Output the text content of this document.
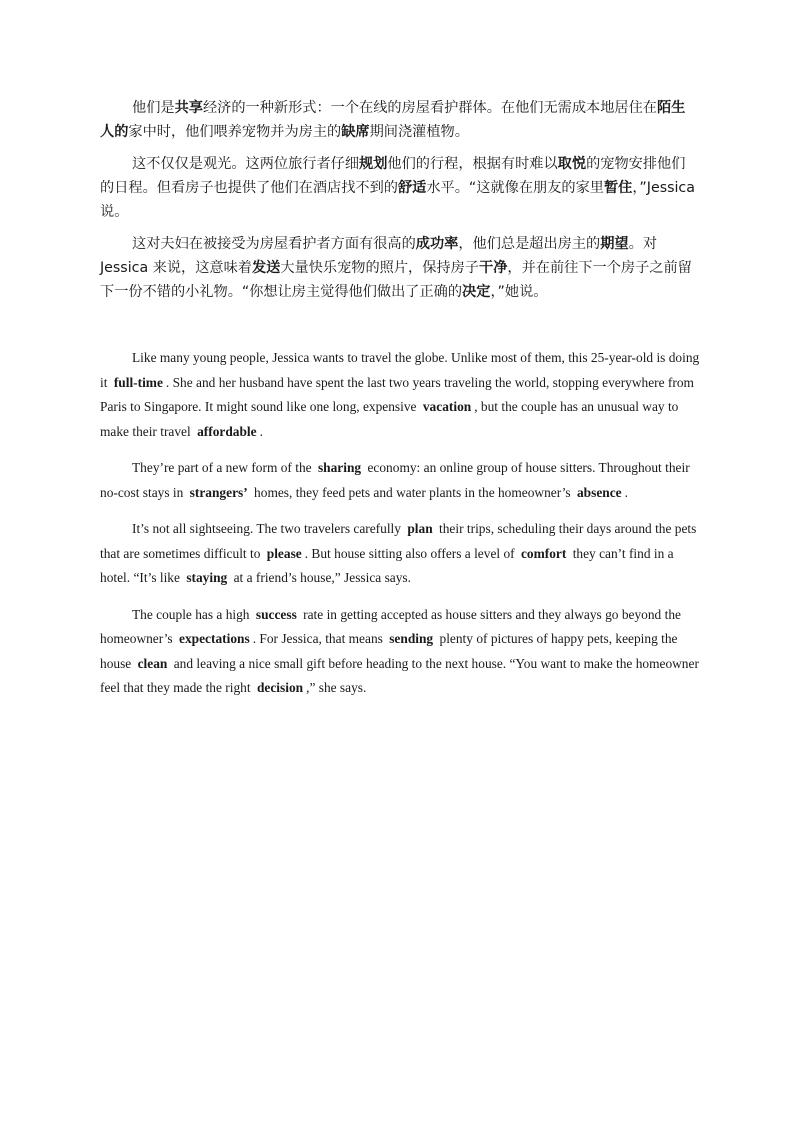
他们是共享经济的一种新形式：一个在线的房屋看护群体。在他们无需成本地居住在陌生人的家中时，他们喂养宠物并为房主的缺席期间浇灌植物。

这不仅仅是观光。这两位旅行者仔细规划他们的行程，根据有时难以取悦的宠物安排他们的日程。但看房子也提供了他们在酒店找不到的舒适水平。“这就像在朋友的家里暂住，”Jessica 说。

这对夫妇在被接受为房屋看护者方面有很高的成功率，他们总是超出房主的期望。对 Jessica 来说，这意味着发送大量快乐宠物的照片，保持房子干净，并在前往下一个房子之前留下一份不错的小礼物。“你想让房主觉得他们做出了正确的决定，”她说。

Like many young people, Jessica wants to travel the globe. Unlike most of them, this 25-year-old is doing it full-time . She and her husband have spent the last two years traveling the world, stopping everywhere from Paris to Singapore. It might sound like one long, expensive vacation , but the couple has an unusual way to make their travel affordable .

They’re part of a new form of the sharing economy: an online group of house sitters. Throughout their no-cost stays in strangers’ homes, they feed pets and water plants in the homeowner’s absence .

It’s not all sightseeing. The two travelers carefully plan their trips, scheduling their days around the pets that are sometimes difficult to please . But house sitting also offers a level of comfort they can’t find in a hotel. “It’s like staying at a friend’s house,” Jessica says.

The couple has a high success rate in getting accepted as house sitters and they always go beyond the homeowner’s expectations . For Jessica, that means sending plenty of pictures of happy pets, keeping the house clean and leaving a nice small gift before heading to the next house. “You want to make the homeowner feel that they made the right decision ,” she says.
